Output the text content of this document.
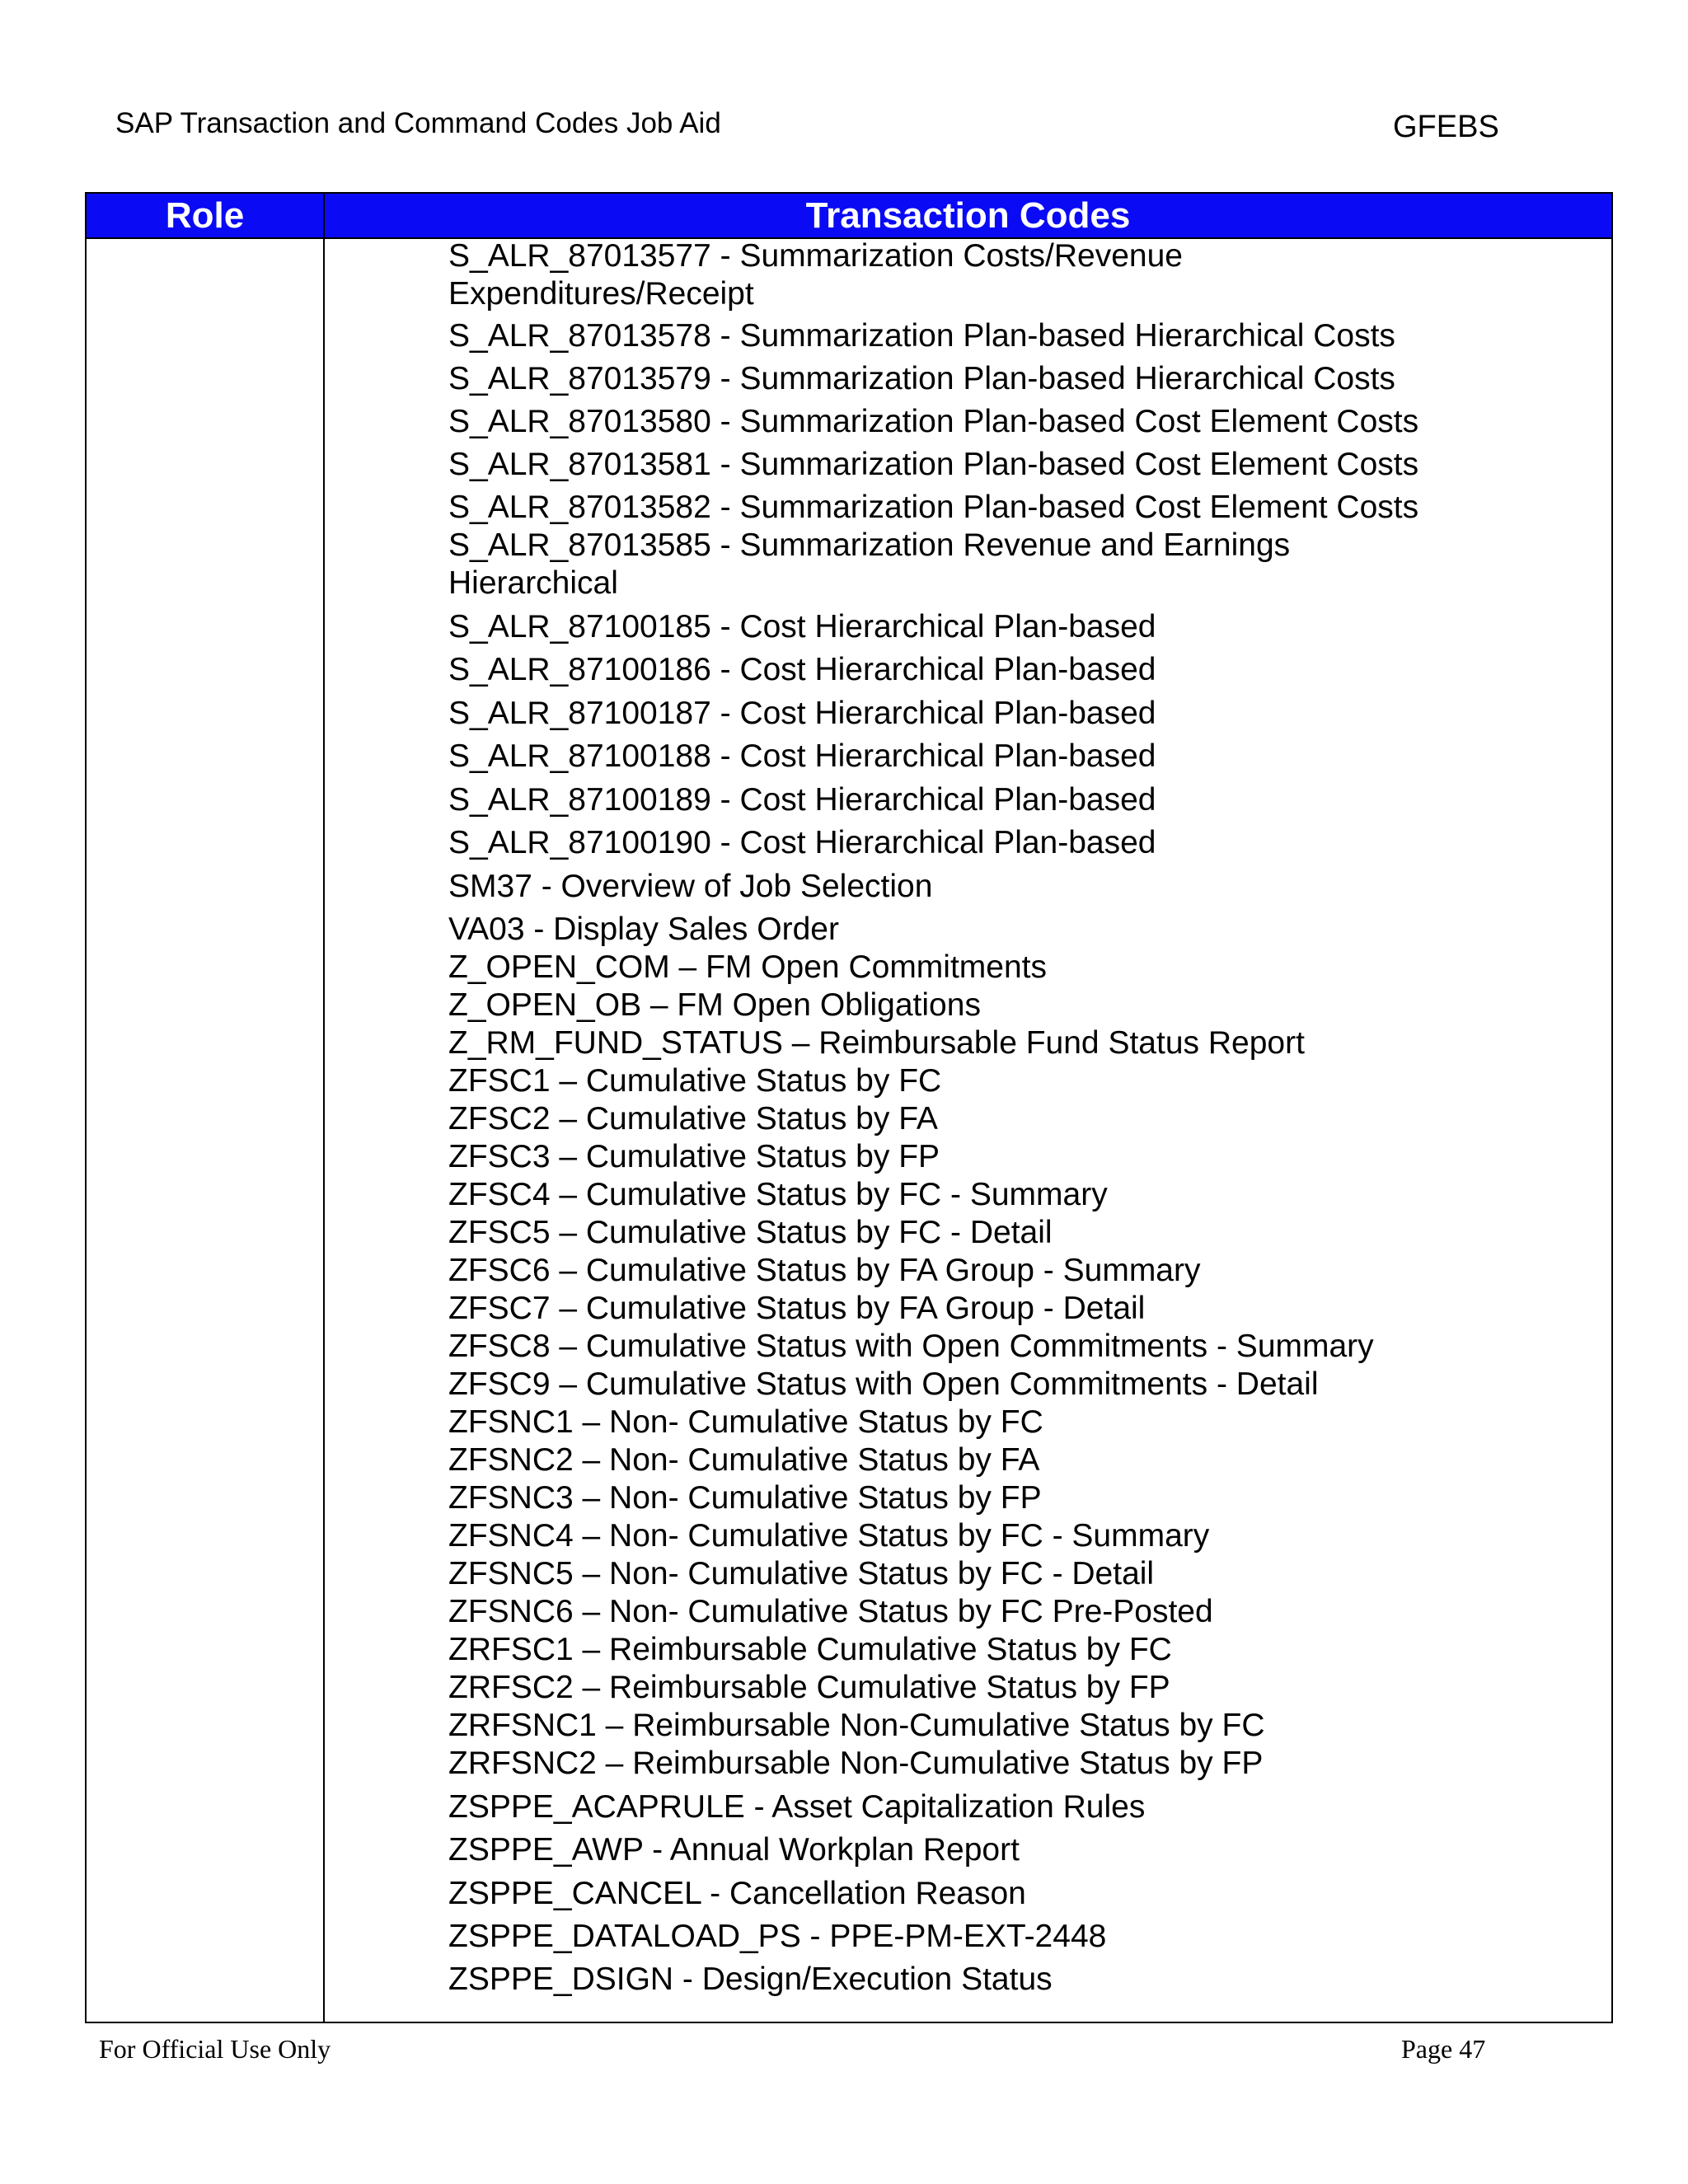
SAP Transaction and Command Codes Job Aid	GFEBS
Role	Transaction Codes
S_ALR_87013577 - Summarization Costs/Revenue
Expenditures/Receipt
S_ALR_87013578 - Summarization Plan-based Hierarchical Costs
S_ALR_87013579 - Summarization Plan-based Hierarchical Costs
S_ALR_87013580 - Summarization Plan-based Cost Element Costs
S_ALR_87013581 - Summarization Plan-based Cost Element Costs
S_ALR_87013582 - Summarization Plan-based Cost Element Costs
S_ALR_87013585 - Summarization Revenue and Earnings
Hierarchical
S_ALR_87100185 - Cost Hierarchical Plan-based
S_ALR_87100186 - Cost Hierarchical Plan-based
S_ALR_87100187 - Cost Hierarchical Plan-based
S_ALR_87100188 - Cost Hierarchical Plan-based
S_ALR_87100189 - Cost Hierarchical Plan-based
S_ALR_87100190 - Cost Hierarchical Plan-based
SM37 - Overview of Job Selection
VA03 - Display Sales Order
Z_OPEN_COM – FM Open Commitments
Z_OPEN_OB – FM Open Obligations
Z_RM_FUND_STATUS – Reimbursable Fund Status Report
ZFSC1 – Cumulative Status by FC
ZFSC2 – Cumulative Status by FA
ZFSC3 – Cumulative Status by FP
ZFSC4 – Cumulative Status by FC - Summary
ZFSC5 – Cumulative Status by FC - Detail
ZFSC6 – Cumulative Status by FA Group - Summary
ZFSC7 – Cumulative Status by FA Group - Detail
ZFSC8 – Cumulative Status with Open Commitments - Summary
ZFSC9 – Cumulative Status with Open Commitments - Detail
ZFSNC1 – Non- Cumulative Status by FC
ZFSNC2 – Non- Cumulative Status by FA
ZFSNC3 – Non- Cumulative Status by FP
ZFSNC4 – Non- Cumulative Status by FC - Summary
ZFSNC5 – Non- Cumulative Status by FC - Detail
ZFSNC6 – Non- Cumulative Status by FC Pre-Posted
ZRFSC1 – Reimbursable Cumulative Status by FC
ZRFSC2 – Reimbursable Cumulative Status by FP
ZRFSNC1 – Reimbursable Non-Cumulative Status by FC
ZRFSNC2 – Reimbursable Non-Cumulative Status by FP
ZSPPE_ACAPRULE - Asset Capitalization Rules
ZSPPE_AWP - Annual Workplan Report
ZSPPE_CANCEL - Cancellation Reason
ZSPPE_DATALOAD_PS - PPE-PM-EXT-2448
ZSPPE_DSIGN - Design/Execution Status
For Official Use Only	Page 47
